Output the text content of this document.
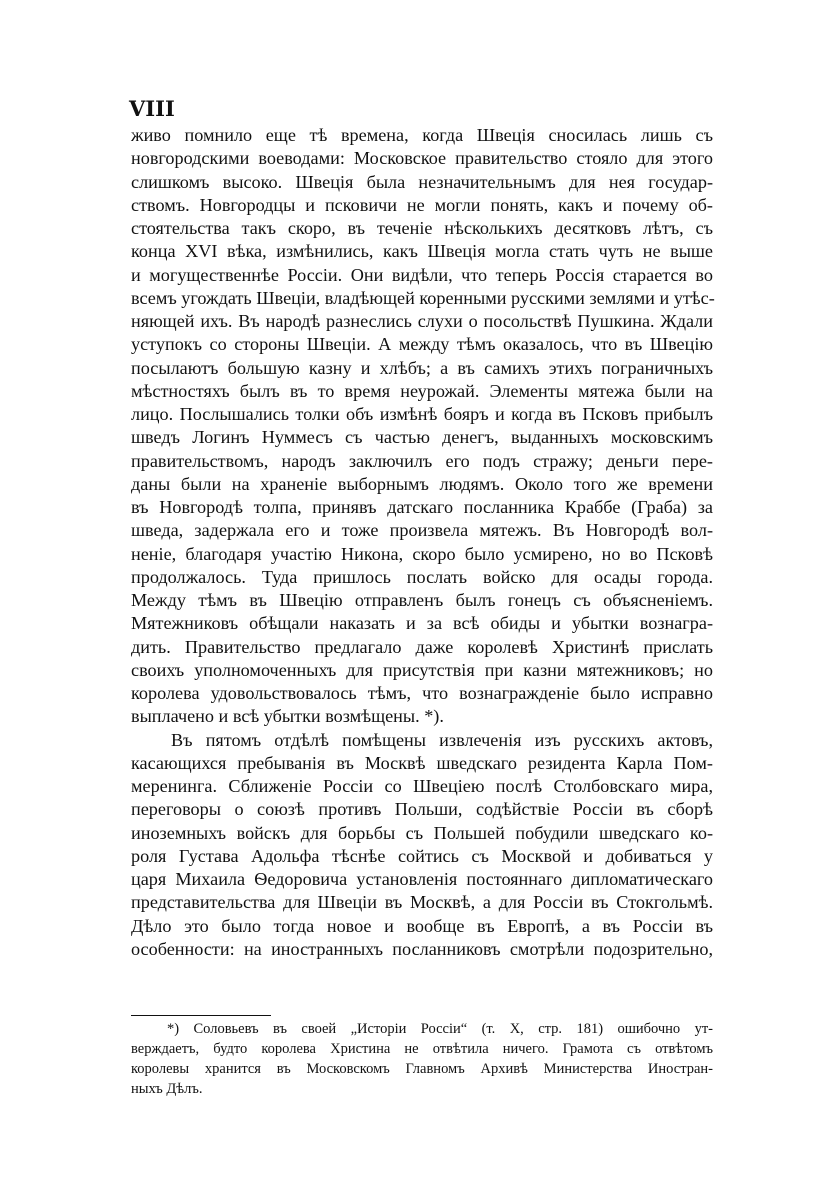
VIII
живо помнило еще тѣ времена, когда Швеція сносилась лишь съ
новгородскими воеводами: Московское правительство стояло для этого
слишкомъ высоко. Швеція была незначительнымъ для нея государ-
ствомъ. Новгородцы и псковичи не могли понять, какъ и почему об-
стоятельства такъ скоро, въ теченіе нѣсколькихъ десятковъ лѣтъ, съ
конца XVI вѣка, измѣнились, какъ Швеція могла стать чуть не выше
и могущественнѣе Россіи. Они видѣли, что теперь Россія старается во
всемъ угождать Швеціи, владѣющей коренными русскими землями и утѣс-
няющей ихъ. Въ народѣ разнеслись слухи о посольствѣ Пушкина. Ждали
уступокъ со стороны Швеціи. А между тѣмъ оказалось, что въ Швецію
посылаютъ большую казну и хлѣбъ; а въ самихъ этихъ пограничныхъ
мѣстностяхъ былъ въ то время неурожай. Элементы мятежа были на
лицо. Послышались толки объ измѣнѣ бояръ и когда въ Псковъ прибылъ
шведъ Логинъ Нуммесъ съ частью денегъ, выданныхъ московскимъ
правительствомъ, народъ заключилъ его подъ стражу; деньги пере-
даны были на храненіе выборнымъ людямъ. Около того же времени
въ Новгородѣ толпа, принявъ датскаго посланника Краббе (Граба) за
шведа, задержала его и тоже произвела мятежъ. Въ Новгородѣ вол-
неніе, благодаря участію Никона, скоро было усмирено, но во Псковѣ
продолжалось. Туда пришлось послать войско для осады города.
Между тѣмъ въ Швецію отправленъ былъ гонецъ съ объясненіемъ.
Мятежниковъ обѣщали наказать и за всѣ обиды и убытки вознагра-
дить. Правительство предлагало даже королевѣ Христинѣ прислать
своихъ уполномоченныхъ для присутствія при казни мятежниковъ; но
королева удовольствовалось тѣмъ, что вознагражденіе было исправно
выплачено и всѣ убытки возмѣщены. *).
Въ пятомъ отдѣлѣ помѣщены извлеченія изъ русскихъ актовъ,
касающихся пребыванія въ Москвѣ шведскаго резидента Карла Пом-
меренинга. Сближеніе Россіи со Швеціею послѣ Столбовскаго мира,
переговоры о союзѣ противъ Польши, содѣйствіе Россіи въ сборѣ
иноземныхъ войскъ для борьбы съ Польшей побудили шведскаго ко-
роля Густава Адольфа тѣснѣе сойтись съ Москвой и добиваться у
царя Михаила Ѳедоровича установленія постояннаго дипломатическаго
представительства для Швеціи въ Москвѣ, а для Россіи въ Стокгольмѣ.
Дѣло это было тогда новое и вообще въ Европѣ, а въ Россіи въ
особенности: на иностранныхъ посланниковъ смотрѣли подозрительно,
*) Соловьевъ въ своей „Исторіи Россіи“ (т. X, стр. 181) ошибочно ут-
верждаетъ, будто королева Христина не отвѣтила ничего. Грамота съ отвѣтомъ
королевы хранится въ Московскомъ Главномъ Архивѣ Министерства Иностран-
ныхъ Дѣлъ.
